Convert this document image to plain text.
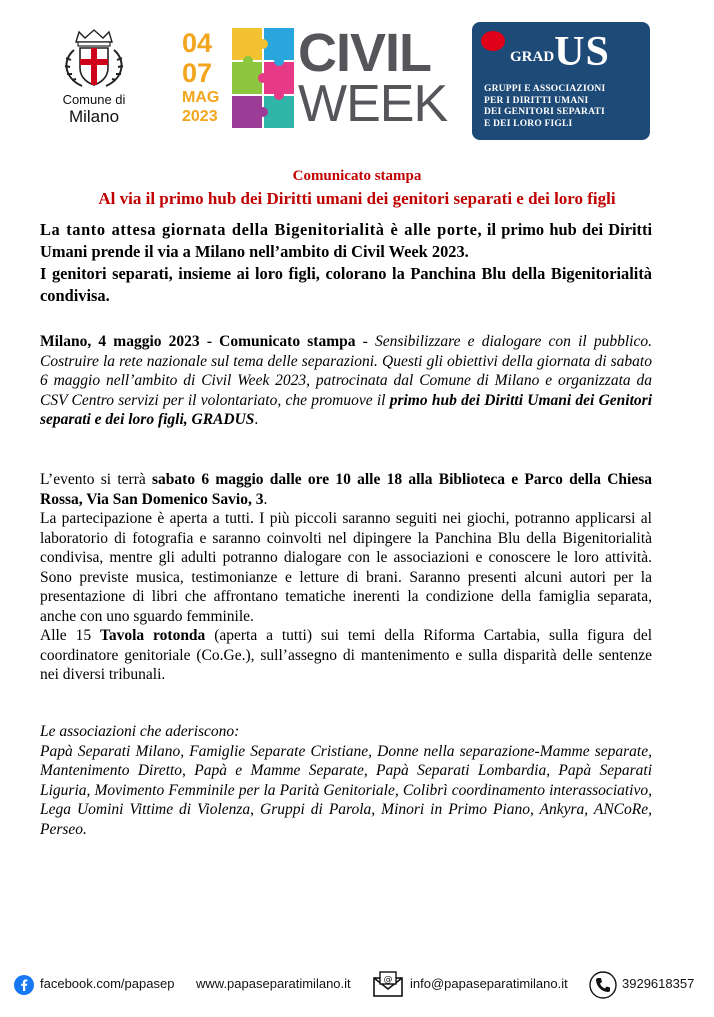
Comune di
Milano
04
07
MAG
2023
CIVIL
WEEK
GRADUS
GRUPPI E ASSOCIAZIONI
PER I DIRITTI UMANI
DEI GENITORI SEPARATI
E DEI LORO FIGLI
Comunicato stampa
Al via il primo hub dei Diritti umani dei genitori separati e dei loro figli
La tanto attesa giornata della Bigenitorialità è alle porte, il primo hub dei Diritti Umani prende il via a Milano nell’ambito di Civil Week 2023.
I genitori separati, insieme ai loro figli, colorano la Panchina Blu della Bigenitorialità condivisa.
Milano, 4 maggio 2023 - Comunicato stampa - Sensibilizzare e dialogare con il pubblico. Costruire la rete nazionale sul tema delle separazioni. Questi gli obiettivi della giornata di sabato 6 maggio nell’ambito di Civil Week 2023, patrocinata dal Comune di Milano e organizzata da CSV Centro servizi per il volontariato, che promuove il primo hub dei Diritti Umani dei Genitori separati e dei loro figli, GRADUS.
L’evento si terrà sabato 6 maggio dalle ore 10 alle 18 alla Biblioteca e Parco della Chiesa Rossa, Via San Domenico Savio, 3.
La partecipazione è aperta a tutti. I più piccoli saranno seguiti nei giochi, potranno applicarsi al laboratorio di fotografia e saranno coinvolti nel dipingere la Panchina Blu della Bigenitorialità condivisa, mentre gli adulti potranno dialogare con le associazioni e conoscere le loro attività. Sono previste musica, testimonianze e letture di brani. Saranno presenti alcuni autori per la presentazione di libri che affrontano tematiche inerenti la condizione della famiglia separata, anche con uno sguardo femminile.
Alle 15 Tavola rotonda (aperta a tutti) sui temi della Riforma Cartabia, sulla figura del coordinatore genitoriale (Co.Ge.), sull’assegno di mantenimento e sulla disparità delle sentenze nei diversi tribunali.
Le associazioni che aderiscono:
Papà Separati Milano, Famiglie Separate Cristiane, Donne nella separazione-Mamme separate, Mantenimento Diretto, Papà e Mamme Separate, Papà Separati Lombardia, Papà Separati Liguria, Movimento Femminile per la Parità Genitoriale, Colibrì coordinamento interassociativo, Lega Uomini Vittime di Violenza, Gruppi di Parola, Minori in Primo Piano, Ankyra, ANCoRe, Perseo.
facebook.com/papasep www.papaseparatimilano.it	@ info@papaseparatimilano.it	3929618357
